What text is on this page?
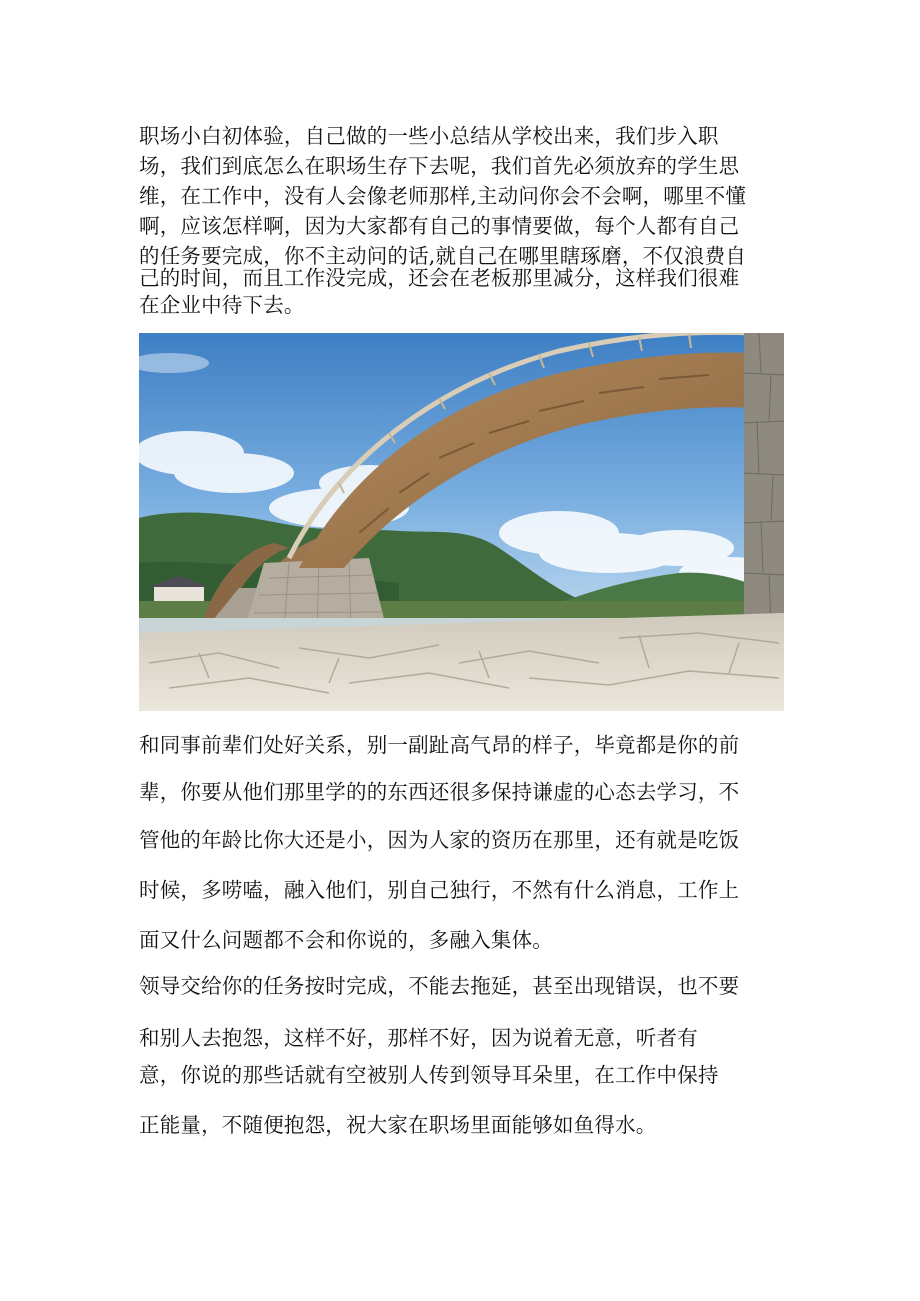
职场小白初体验，自己做的一些小总结从学校出来，我们步入职
场，我们到底怎么在职场生存下去呢，我们首先必须放弃的学生思
维，在工作中，没有人会像老师那样,主动问你会不会啊，哪里不懂
啊，应该怎样啊，因为大家都有自己的事情要做，每个人都有自己
的任务要完成，你不主动问的话,就自己在哪里瞎琢磨，不仅浪费自
己的时间，而且工作没完成，还会在老板那里减分，这样我们很难
在企业中待下去。
和同事前辈们处好关系，别一副趾高气昂的样子，毕竟都是你的前
辈，你要从他们那里学的的东西还很多保持谦虚的心态去学习，不
管他的年龄比你大还是小，因为人家的资历在那里，还有就是吃饭
时候，多唠嗑，融入他们，别自己独行，不然有什么消息，工作上
面又什么问题都不会和你说的，多融入集体。
领导交给你的任务按时完成，不能去拖延，甚至出现错误，也不要
和别人去抱怨，这样不好，那样不好，因为说着无意，听者有
意，你说的那些话就有空被别人传到领导耳朵里，在工作中保持
正能量，不随便抱怨，祝大家在职场里面能够如鱼得水。
